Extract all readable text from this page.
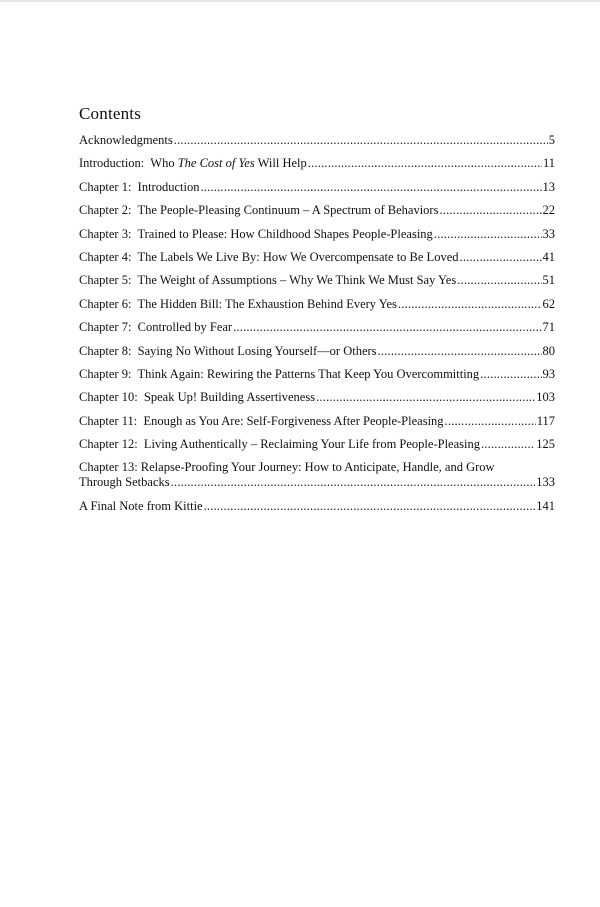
Contents
Acknowledgments .....	5
Introduction:  Who The Cost of Yes Will Help .....	11
Chapter 1:  Introduction .....	13
Chapter 2:  The People-Pleasing Continuum – A Spectrum of Behaviors .....	22
Chapter 3:  Trained to Please: How Childhood Shapes People-Pleasing .....	33
Chapter 4:  The Labels We Live By: How We Overcompensate to Be Loved .....	41
Chapter 5:  The Weight of Assumptions – Why We Think We Must Say Yes .....	51
Chapter 6:  The Hidden Bill: The Exhaustion Behind Every Yes .....	62
Chapter 7:  Controlled by Fear .....	71
Chapter 8:  Saying No Without Losing Yourself—or Others .....	80
Chapter 9:  Think Again: Rewiring the Patterns That Keep You Overcommitting .....	93
Chapter 10:  Speak Up! Building Assertiveness .....	103
Chapter 11:  Enough as You Are: Self-Forgiveness After People-Pleasing .....	117
Chapter 12:  Living Authentically – Reclaiming Your Life from People-Pleasing .....	125
Chapter 13: Relapse-Proofing Your Journey: How to Anticipate, Handle, and Grow
Through Setbacks .....	133
A Final Note from Kittie .....	141
